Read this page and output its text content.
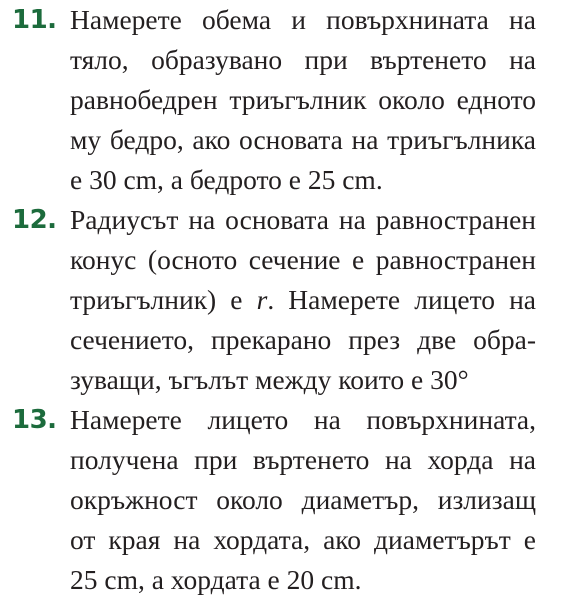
11. Намерете обема и повърхнината на
тяло, образувано при въртенето на
равнобедрен триъгълник около едното
му бедро, ако основата на триъгълника
е 30 cm, а бедрото е 25 cm.
12. Радиусът на основата на равностранен
конус (осното сечение е равностранен
триъгълник) е r. Намерете лицето на
сечението, прекарано през две обра-
зуващи, ъгълът между които е 30°
13. Намерете лицето на повърхнината,
получена при въртенето на хорда на
окръжност около диаметър, излизащ
от края на хордата, ако диаметърът е
25 cm, а хордата е 20 cm.
